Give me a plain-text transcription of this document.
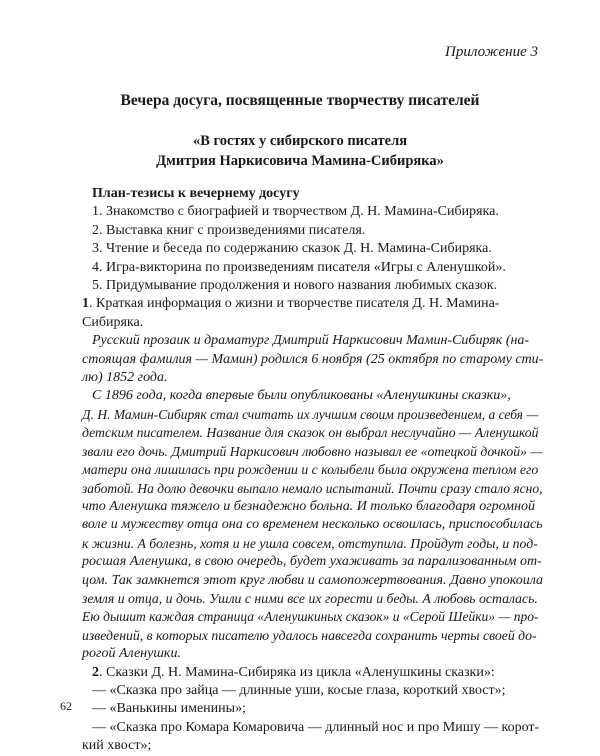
Приложение 3
Вечера досуга, посвященные творчеству писателей
«В гостях у сибирского писателя
Дмитрия Наркисовича Мамина-Сибиряка»
План-тезисы к вечернему досугу
1. Знакомство с биографией и творчеством Д. Н. Мамина-Сибиряка.
2. Выставка книг с произведениями писателя.
3. Чтение и беседа по содержанию сказок Д. Н. Мамина-Сибиряка.
4. Игра-викторина по произведениям писателя «Игры с Аленушкой».
5. Придумывание продолжения и нового названия любимых сказок.
1. Краткая информация о жизни и творчестве писателя Д. Н. Мамина-
Сибиряка.
Русский прозаик и драматург Дмитрий Наркисович Мамин-Сибиряк (на-
стоящая фамилия — Мамин) родился 6 ноября (25 октября по старому сти-
лю) 1852 года.
С 1896 года, когда впервые были опубликованы «Аленушкины сказки»,
Д. Н. Мамин-Сибиряк стал считать их лучшим своим произведением, а себя —
детским писателем. Название для сказок он выбрал неслучайно — Аленушкой
звали его дочь. Дмитрий Наркисович любовно называл ее «отецкой дочкой» —
матери она лишилась при рождении и с колыбели была окружена теплом его
заботой. На долю девочки выпало немало испытаний. Почти сразу стало ясно,
что Аленушка тяжело и безнадежно больна. И только благодаря огромной
воле и мужеству отца она со временем несколько освоилась, приспособилась
к жизни. А болезнь, хотя и не ушла совсем, отступила. Пройдут годы, и под-
росшая Аленушка, в свою очередь, будет ухаживать за парализованным от-
цом. Так замкнется этот круг любви и самопожертвования. Давно упокоила
земля и отца, и дочь. Ушли с ними все их горести и беды. А любовь осталась.
Ею дышит каждая страница «Аленушкиных сказок» и «Серой Шейки» — про-
изведений, в которых писателю удалось навсегда сохранить черты своей до-
рогой Аленушки.
2. Сказки Д. Н. Мамина-Сибиряка из цикла «Аленушкины сказки»:
— «Сказка про зайца — длинные уши, косые глаза, короткий хвост»;
— «Ванькины именины»;
— «Сказка про Комара Комаровича — длинный нос и про Мишу — корот-
кий хвост»;
62
